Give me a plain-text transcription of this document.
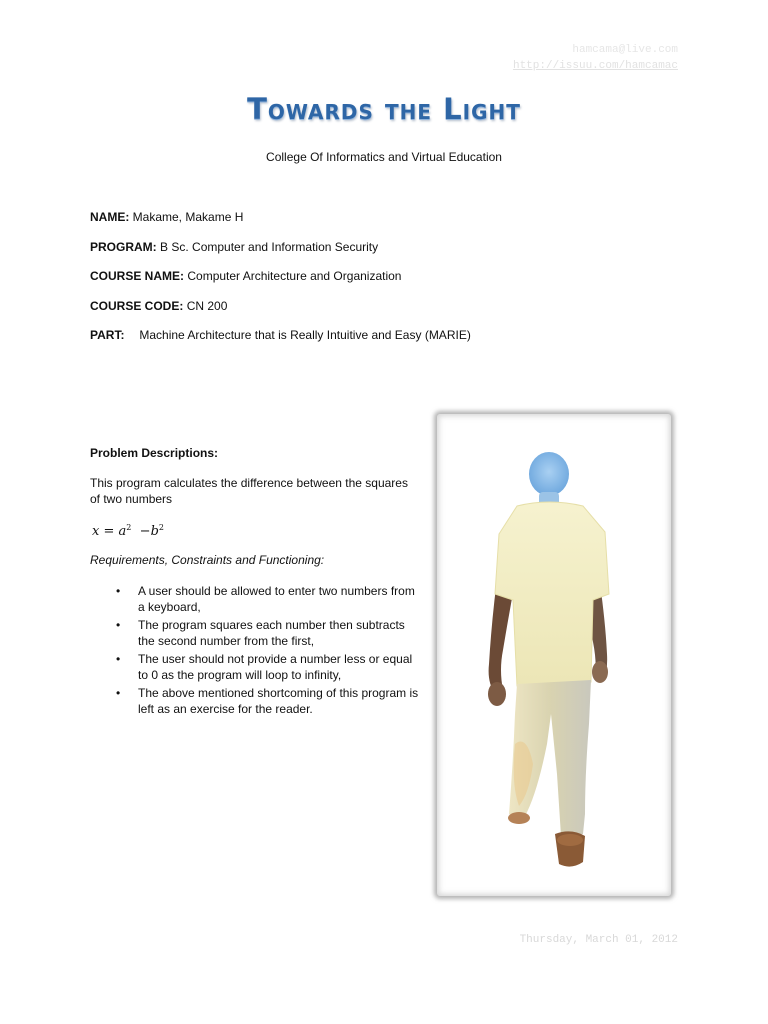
hamcama@live.com
http://issuu.com/hamcamac
Towards the Light
College Of Informatics and Virtual Education
NAME: Makame, Makame H
PROGRAM: B Sc. Computer and Information Security
COURSE NAME: Computer Architecture and Organization
COURSE CODE: CN 200
PART: Machine Architecture that is Really Intuitive and Easy (MARIE)
Problem Descriptions:
This program calculates the difference between the squares of two numbers
$x = a^2 -b^2$
Requirements, Constraints and Functioning:
• A user should be allowed to enter two numbers from a keyboard,
• The program squares each number then subtracts the second number from the first,
• The user should not provide a number less or equal to 0 as the program will loop to infinity,
• The above mentioned shortcoming of this program is left as an exercise for the reader.
Thursday, March 01, 2012
